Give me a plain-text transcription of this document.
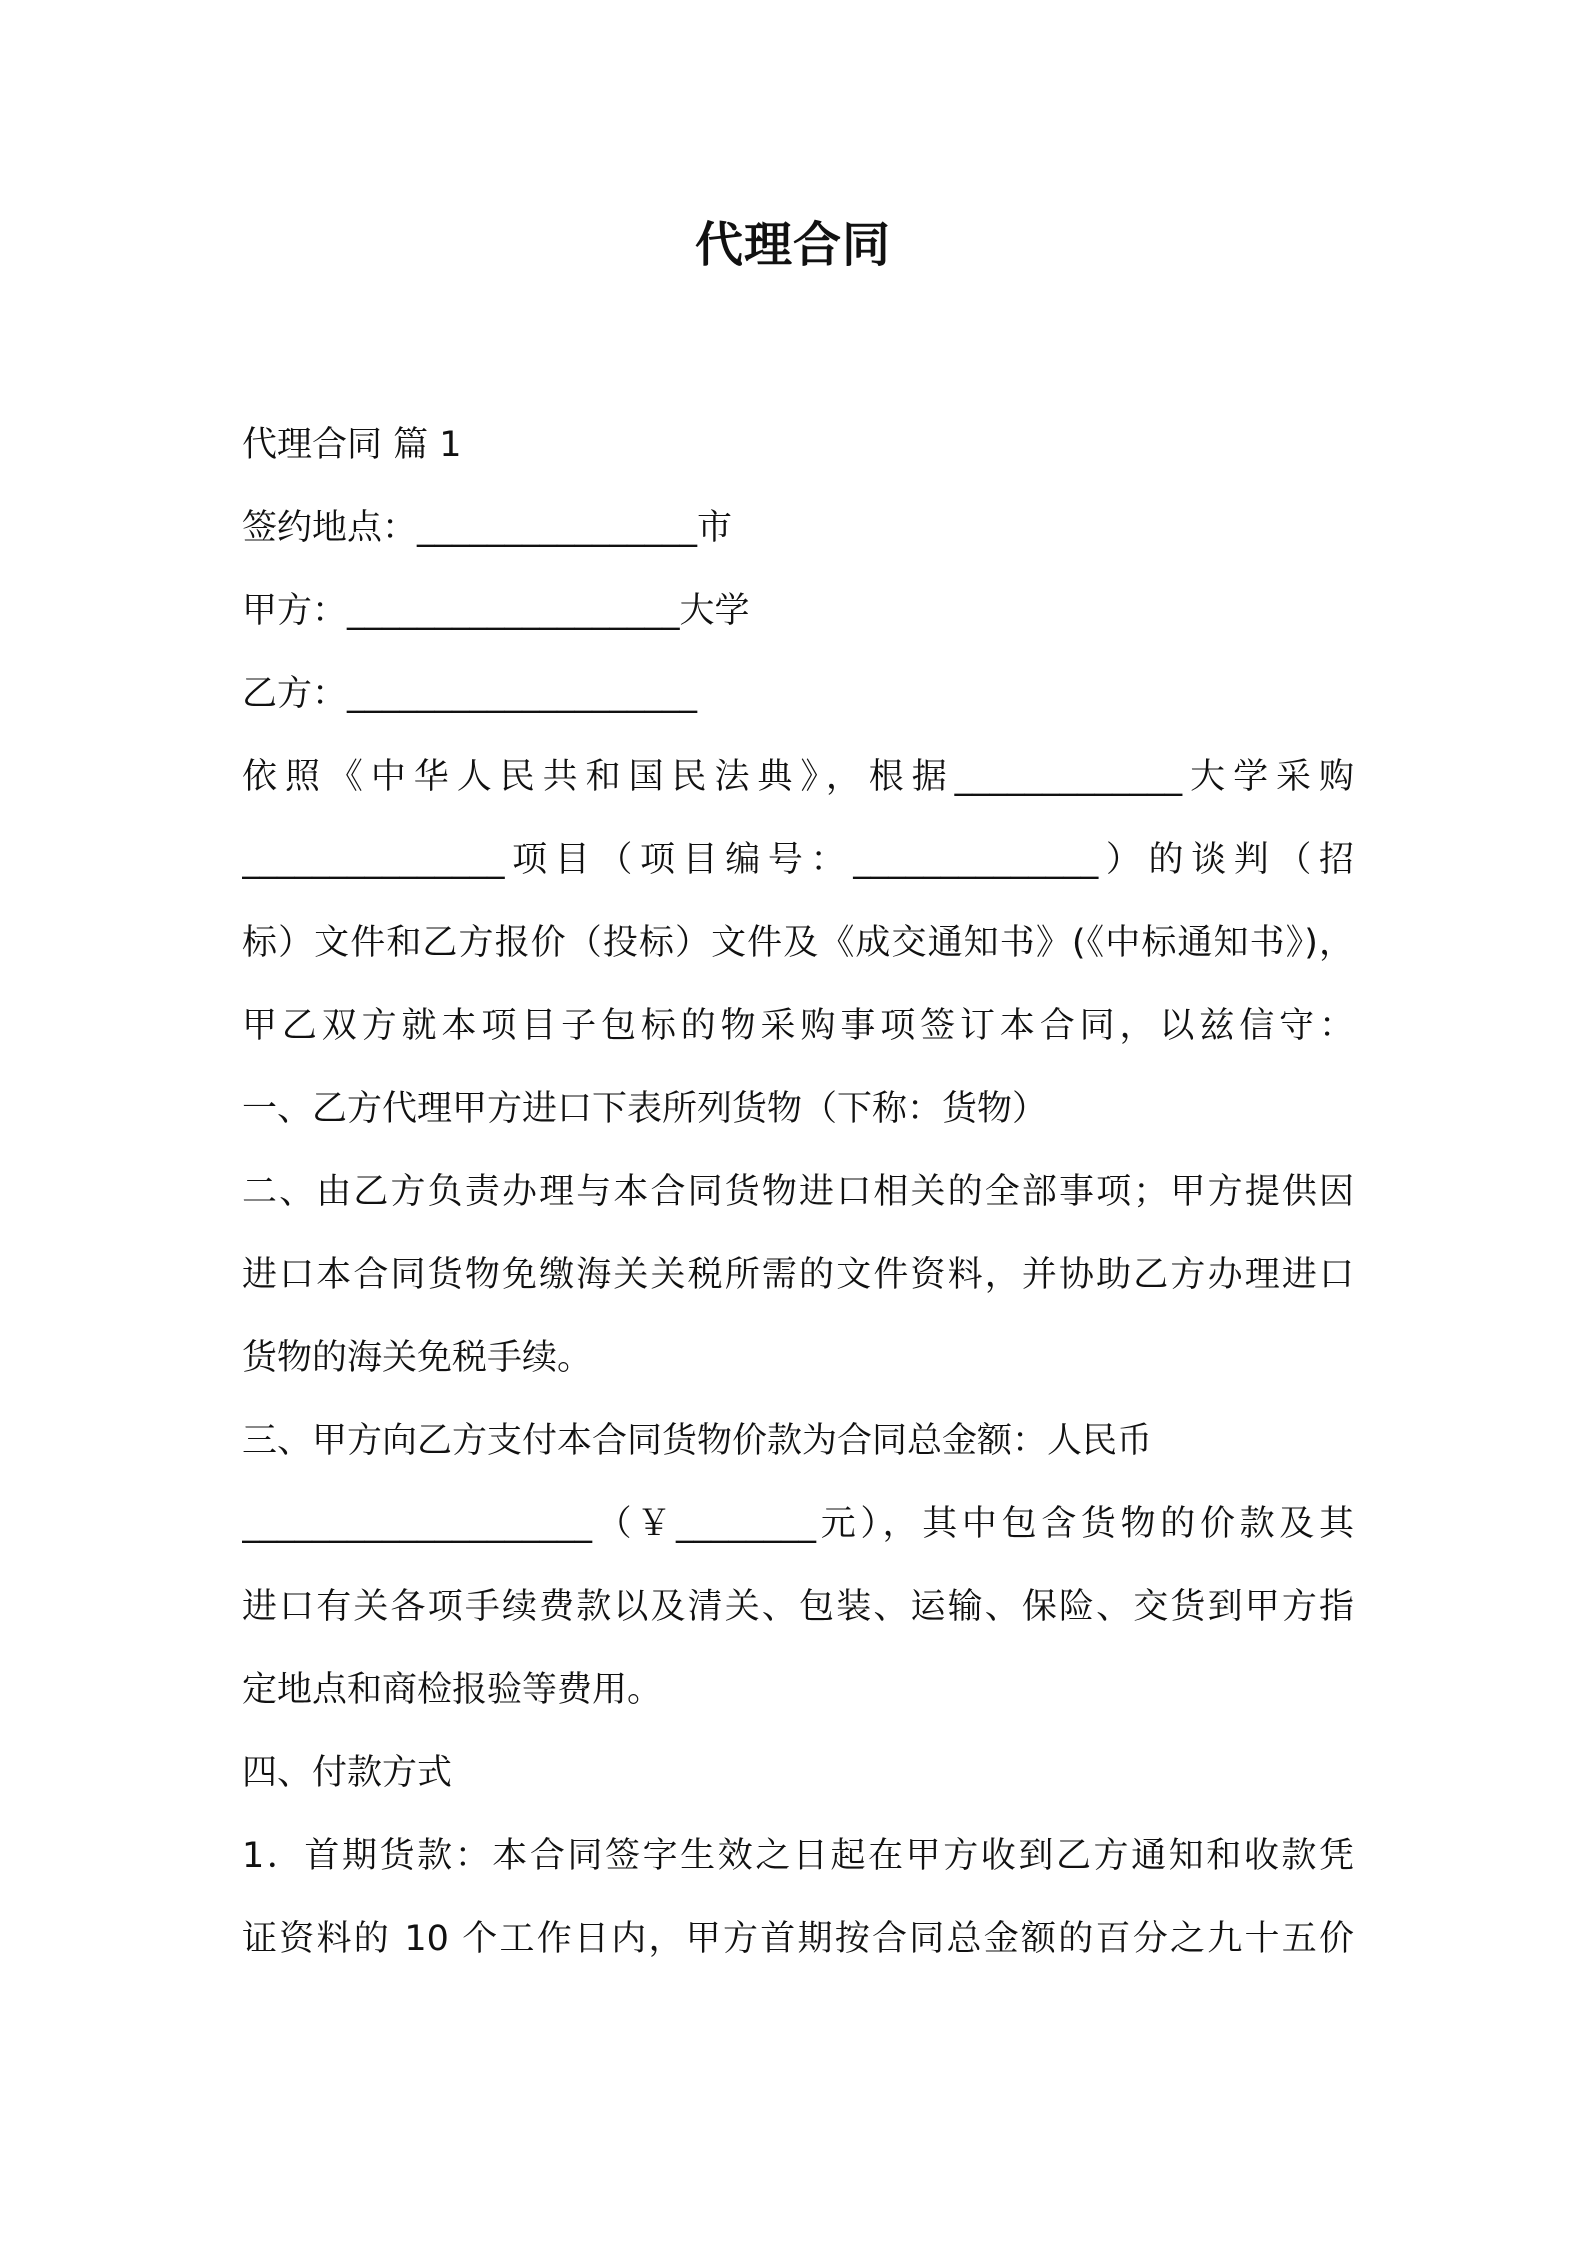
代理合同
代理合同 篇 1
签约地点：________________市
甲方：___________________大学
乙方：____________________
依照《中华人民共和国民法典》，根据_____________大学采购
_______________项目（项目编号：______________）的谈判（招
标）文件和乙方报价（投标）文件及《成交通知书》(《中标通知书》)，
甲乙双方就本项目子包标的物采购事项签订本合同，以兹信守：
一、乙方代理甲方进口下表所列货物（下称：货物）
二、由乙方负责办理与本合同货物进口相关的全部事项；甲方提供因
进口本合同货物免缴海关关税所需的文件资料，并协助乙方办理进口
货物的海关免税手续。
三、甲方向乙方支付本合同货物价款为合同总金额：人民币
____________________（￥________元），其中包含货物的价款及其
进口有关各项手续费款以及清关、包装、运输、保险、交货到甲方指
定地点和商检报验等费用。
四、付款方式
1．首期货款：本合同签字生效之日起在甲方收到乙方通知和收款凭
证资料的 10 个工作日内，甲方首期按合同总金额的百分之九十五价
